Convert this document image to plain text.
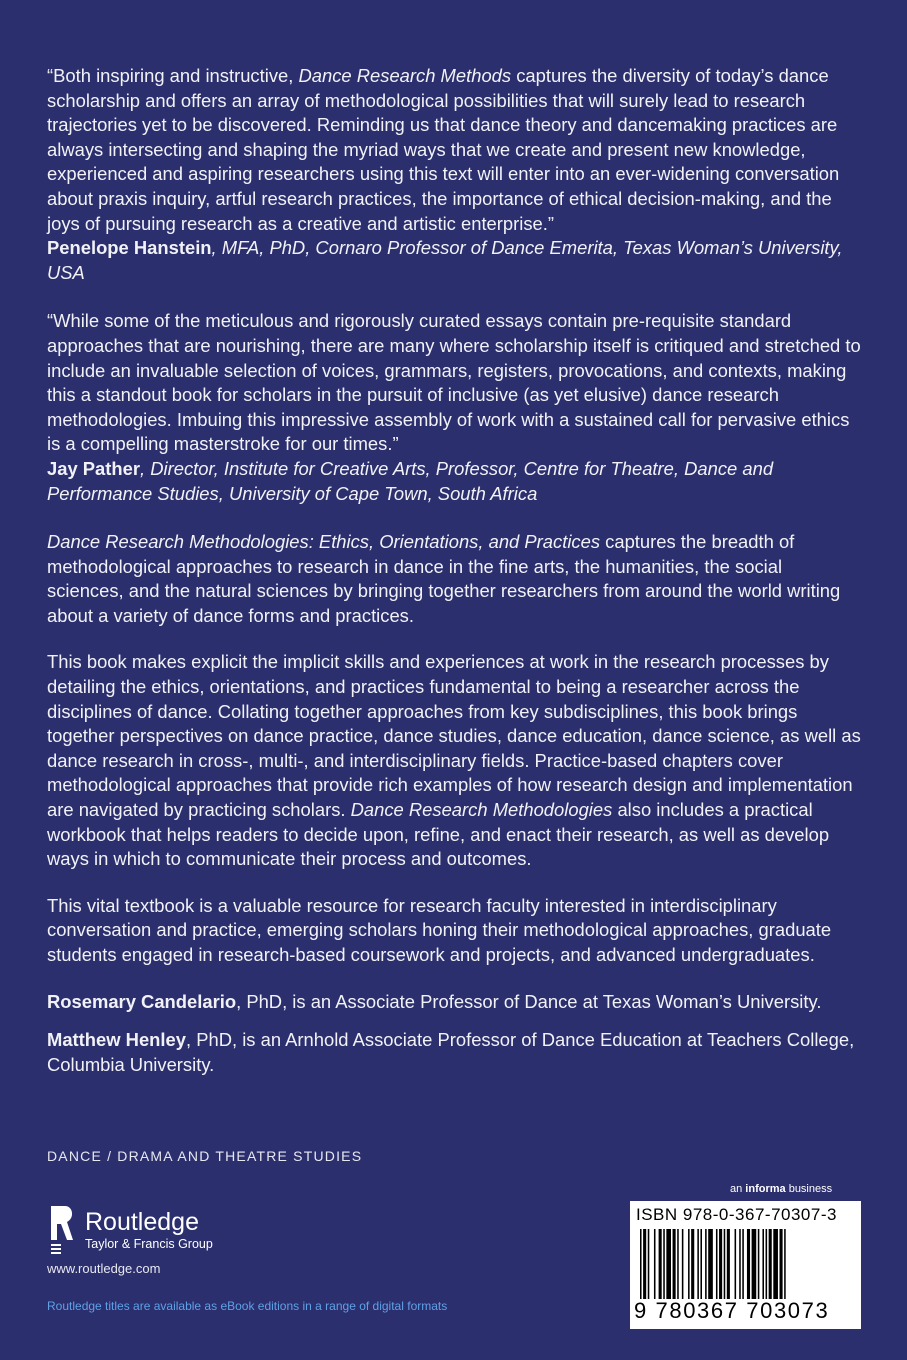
“Both inspiring and instructive, Dance Research Methods captures the diversity of today’s dance scholarship and offers an array of methodological possibilities that will surely lead to research trajectories yet to be discovered. Reminding us that dance theory and dancemaking practices are always intersecting and shaping the myriad ways that we create and present new knowledge, experienced and aspiring researchers using this text will enter into an ever-widening conversation about praxis inquiry, artful research practices, the importance of ethical decision-making, and the joys of pursuing research as a creative and artistic enterprise.”

Penelope Hanstein, MFA, PhD, Cornaro Professor of Dance Emerita, Texas Woman’s University, USA

“While some of the meticulous and rigorously curated essays contain pre-requisite standard approaches that are nourishing, there are many where scholarship itself is critiqued and stretched to include an invaluable selection of voices, grammars, registers, provocations, and contexts, making this a standout book for scholars in the pursuit of inclusive (as yet elusive) dance research methodologies. Imbuing this impressive assembly of work with a sustained call for pervasive ethics is a compelling masterstroke for our times.”

Jay Pather, Director, Institute for Creative Arts, Professor, Centre for Theatre, Dance and Performance Studies, University of Cape Town, South Africa

Dance Research Methodologies: Ethics, Orientations, and Practices captures the breadth of methodological approaches to research in dance in the fine arts, the humanities, the social sciences, and the natural sciences by bringing together researchers from around the world writing about a variety of dance forms and practices.

This book makes explicit the implicit skills and experiences at work in the research processes by detailing the ethics, orientations, and practices fundamental to being a researcher across the disciplines of dance. Collating together approaches from key subdisciplines, this book brings together perspectives on dance practice, dance studies, dance education, dance science, as well as dance research in cross-, multi-, and interdisciplinary fields. Practice-based chapters cover methodological approaches that provide rich examples of how research design and implementation are navigated by practicing scholars. Dance Research Methodologies also includes a practical workbook that helps readers to decide upon, refine, and enact their research, as well as develop ways in which to communicate their process and outcomes.

This vital textbook is a valuable resource for research faculty interested in interdisciplinary conversation and practice, emerging scholars honing their methodological approaches, graduate students engaged in research-based coursework and projects, and advanced undergraduates.

Rosemary Candelario, PhD, is an Associate Professor of Dance at Texas Woman’s University.

Matthew Henley, PhD, is an Arnhold Associate Professor of Dance Education at Teachers College, Columbia University.

DANCE / DRAMA AND THEATRE STUDIES
Routledge
Taylor & Francis Group
www.routledge.com
Routledge titles are available as eBook editions in a range of digital formats
an informa business
ISBN 978-0-367-70307-3
9 780367 703073
